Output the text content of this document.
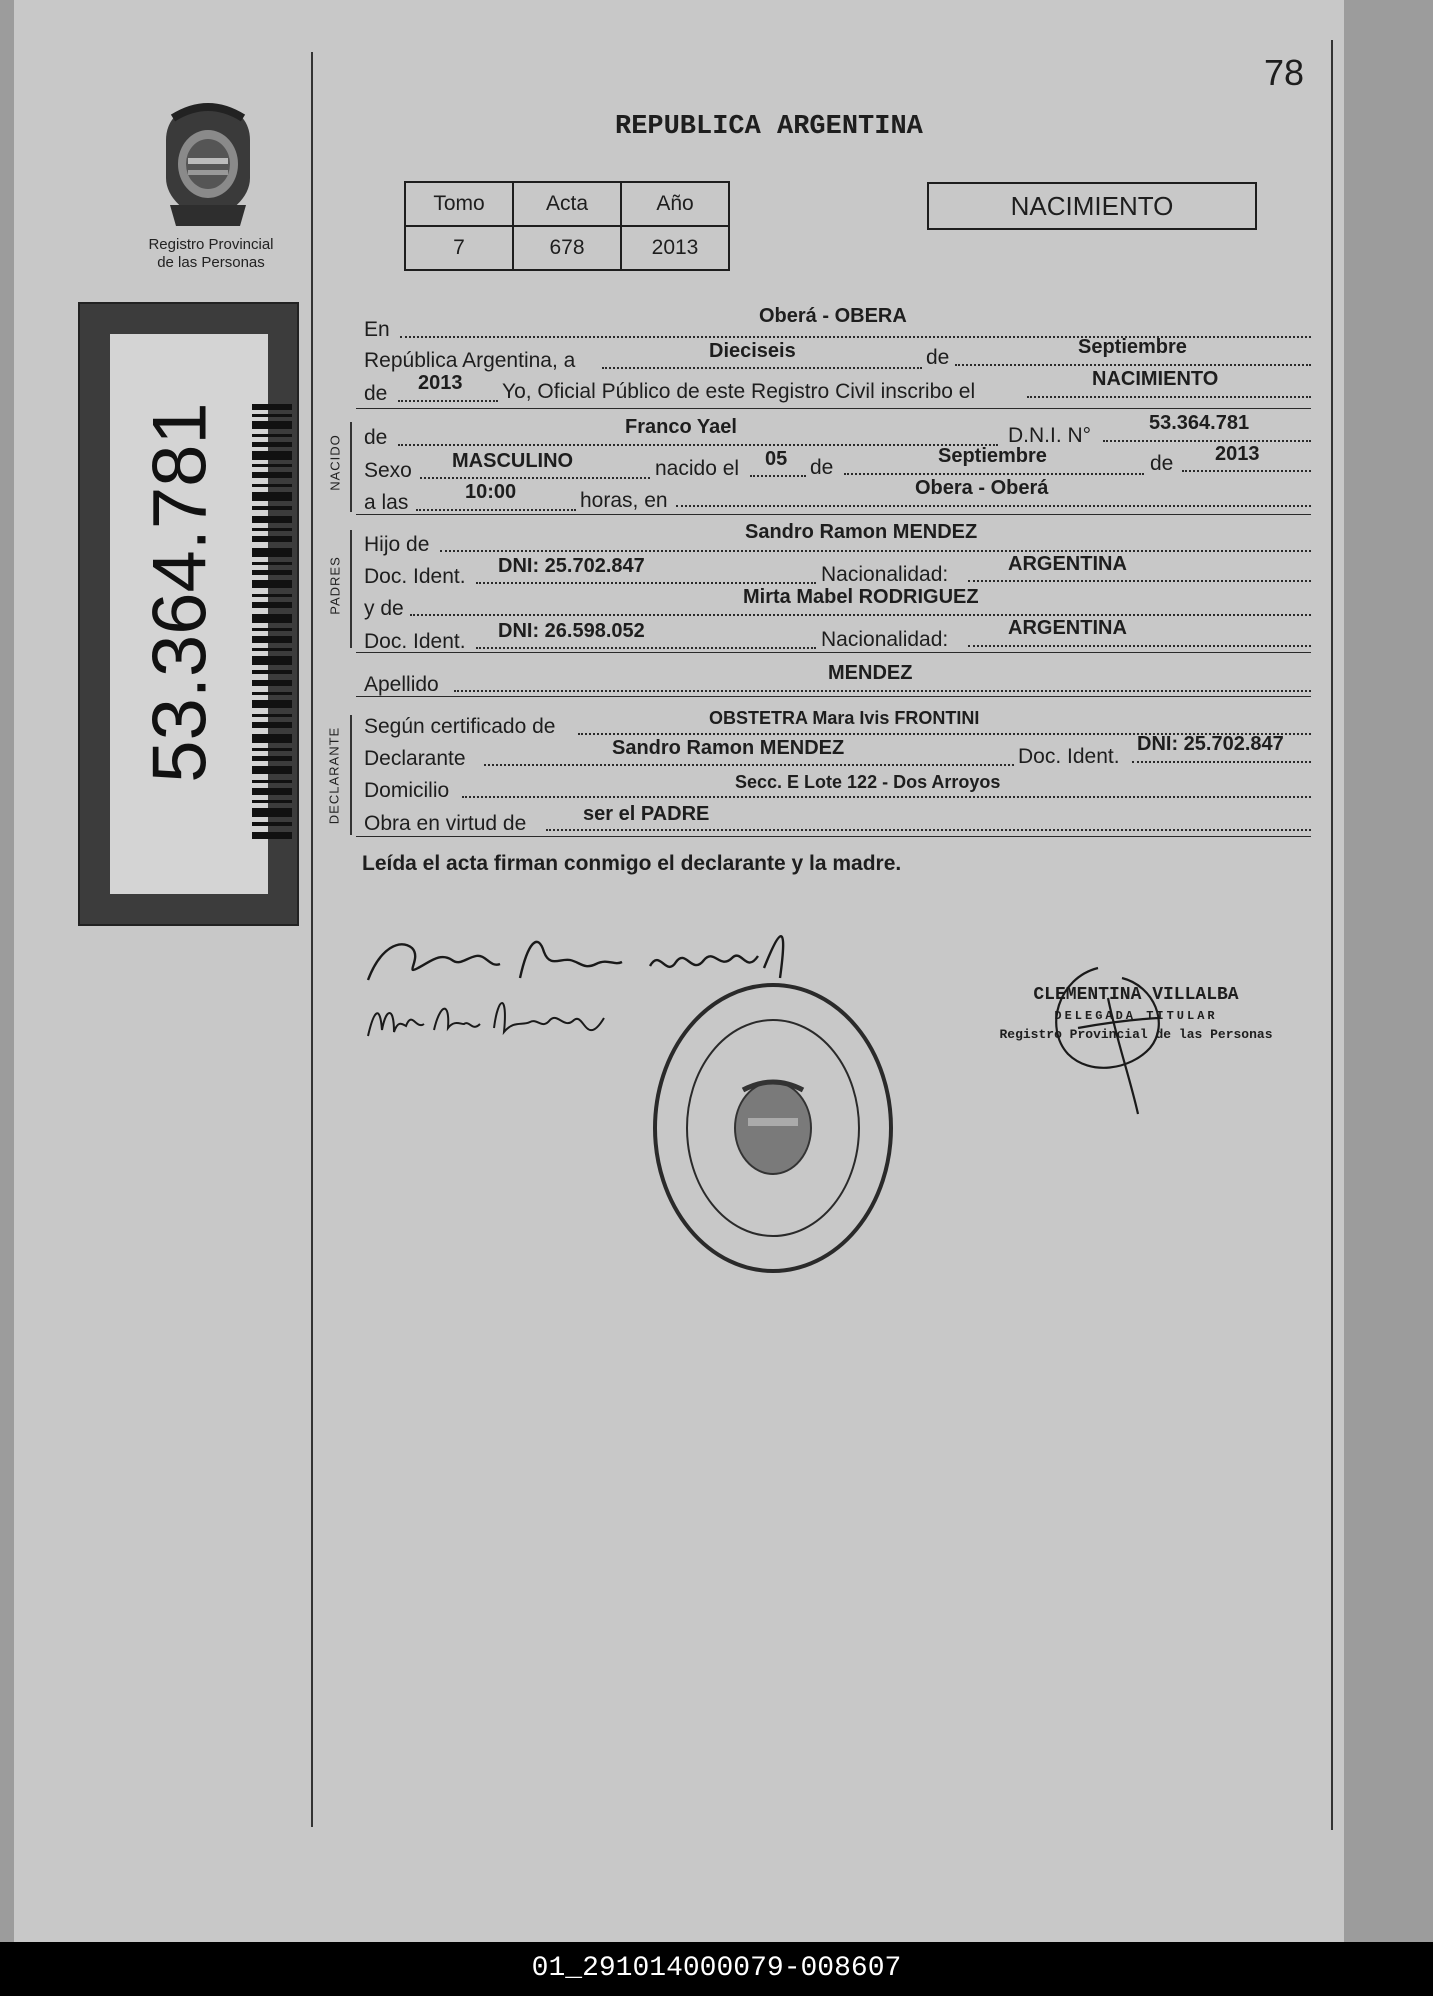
78
REPUBLICA ARGENTINA
Registro Provincial
de las Personas
53.364.781
Tomo	Acta	Año
7	678	2013
NACIMIENTO
NACIDO
PADRES
DECLARANTE
En
Oberá - OBERA
República Argentina, a	Dieciseis	de	Septiembre
de 2013 Yo, Oficial Público de este Registro Civil inscribo el
NACIMIENTO
de	Franco Yael	D.N.I. N°
53.364.781
Sexo MASCULINO	nacido el 05 de	Septiembre	de 2013
a las	10:00	horas, en
Obera - Oberá
Hijo de
Sandro Ramon MENDEZ
Doc. Ident. DNI: 25.702.847	Nacionalidad:	ARGENTINA
y de	Mirta Mabel RODRIGUEZ
Doc. Ident. DNI: 26.598.052	Nacionalidad:	ARGENTINA
Apellido	MENDEZ
Según certificado de	OBSTETRA Mara Ivis FRONTINI
Declarante	Sandro Ramon MENDEZ	Doc. Ident.
DNI: 25.702.847
Domicilio	Secc. E Lote 122 - Dos Arroyos
Obra en virtud de	ser el PADRE
Leída el acta firman conmigo el declarante y la madre.
CLEMENTINA VILLALBA
DELEGADA TITULAR
Registro Provincial de las Personas
01_291014000079-008607
